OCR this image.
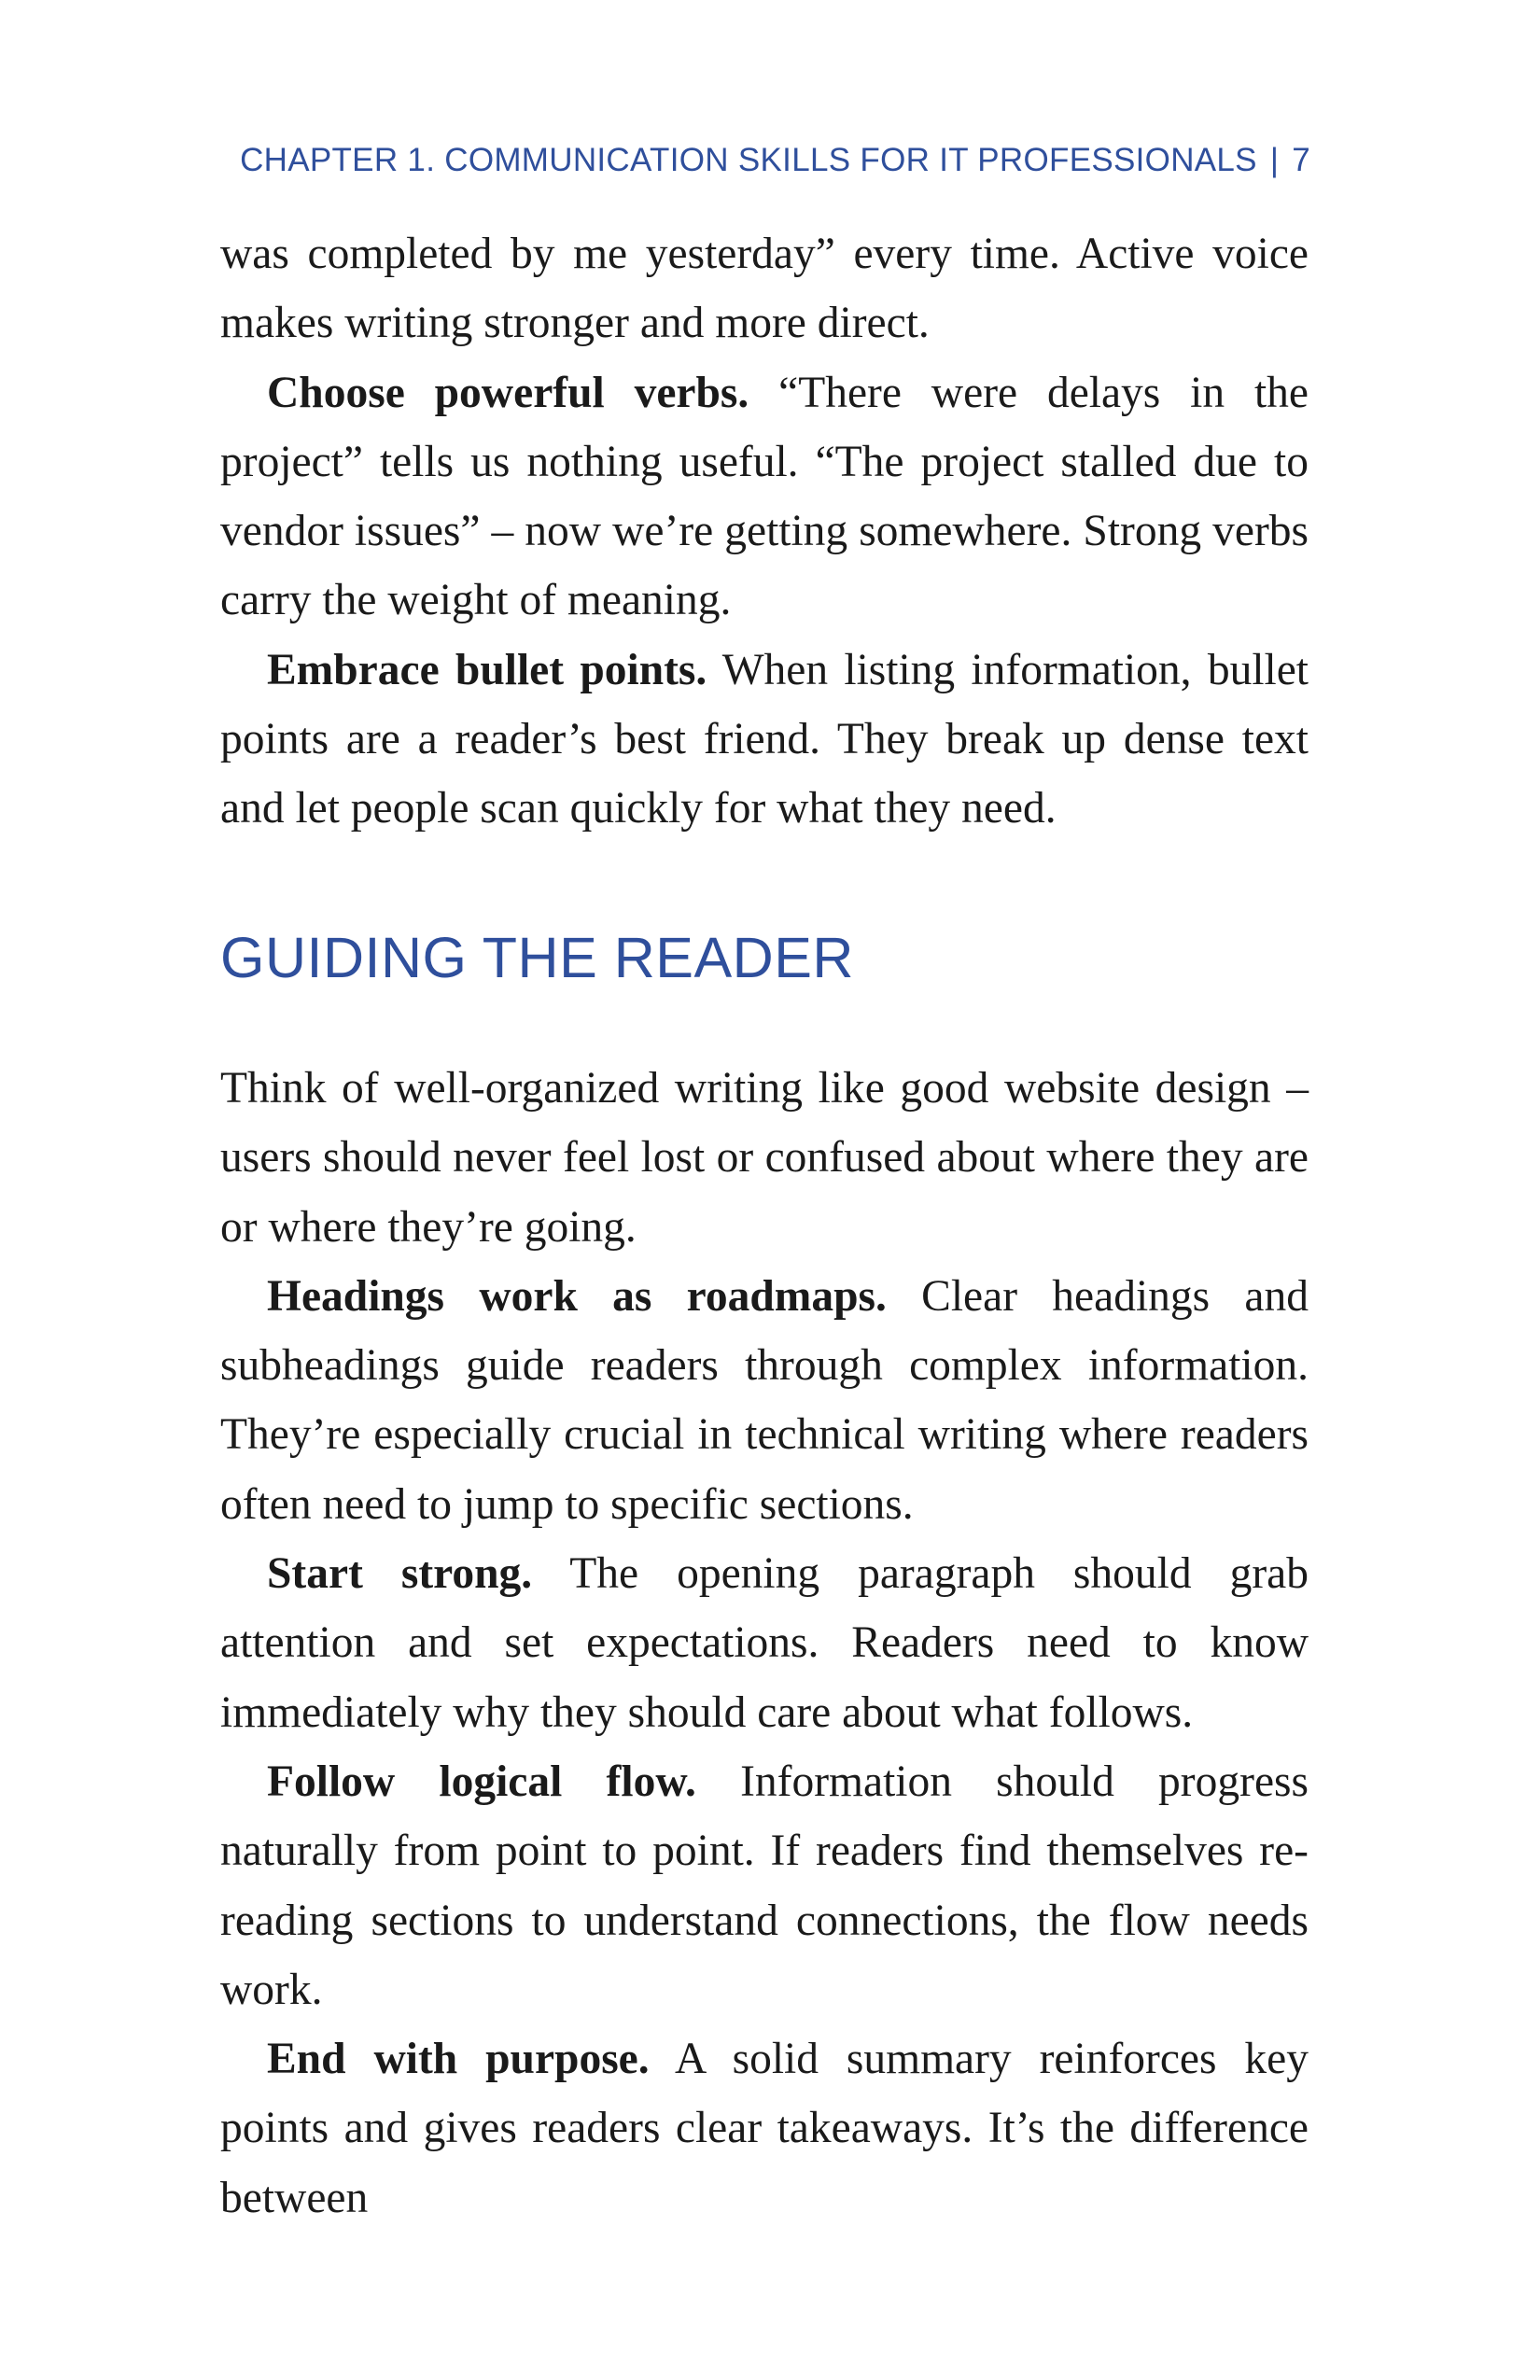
CHAPTER 1. COMMUNICATION SKILLS FOR IT PROFESSIONALS | 7

was completed by me yesterday” every time. Active voice makes writing stronger and more direct.

Choose powerful verbs. “There were delays in the project” tells us nothing useful. “The project stalled due to vendor issues” – now we’re getting somewhere. Strong verbs carry the weight of meaning.

Embrace bullet points. When listing information, bullet points are a reader’s best friend. They break up dense text and let people scan quickly for what they need.

GUIDING THE READER

Think of well-organized writing like good website design – users should never feel lost or confused about where they are or where they’re going.

Headings work as roadmaps. Clear headings and subheadings guide readers through complex information. They’re especially crucial in technical writing where readers often need to jump to specific sections.

Start strong. The opening paragraph should grab attention and set expectations. Readers need to know immediately why they should care about what follows.

Follow logical flow. Information should progress naturally from point to point. If readers find themselves re-reading sections to understand connections, the flow needs work.

End with purpose. A solid summary reinforces key points and gives readers clear takeaways. It’s the difference between
